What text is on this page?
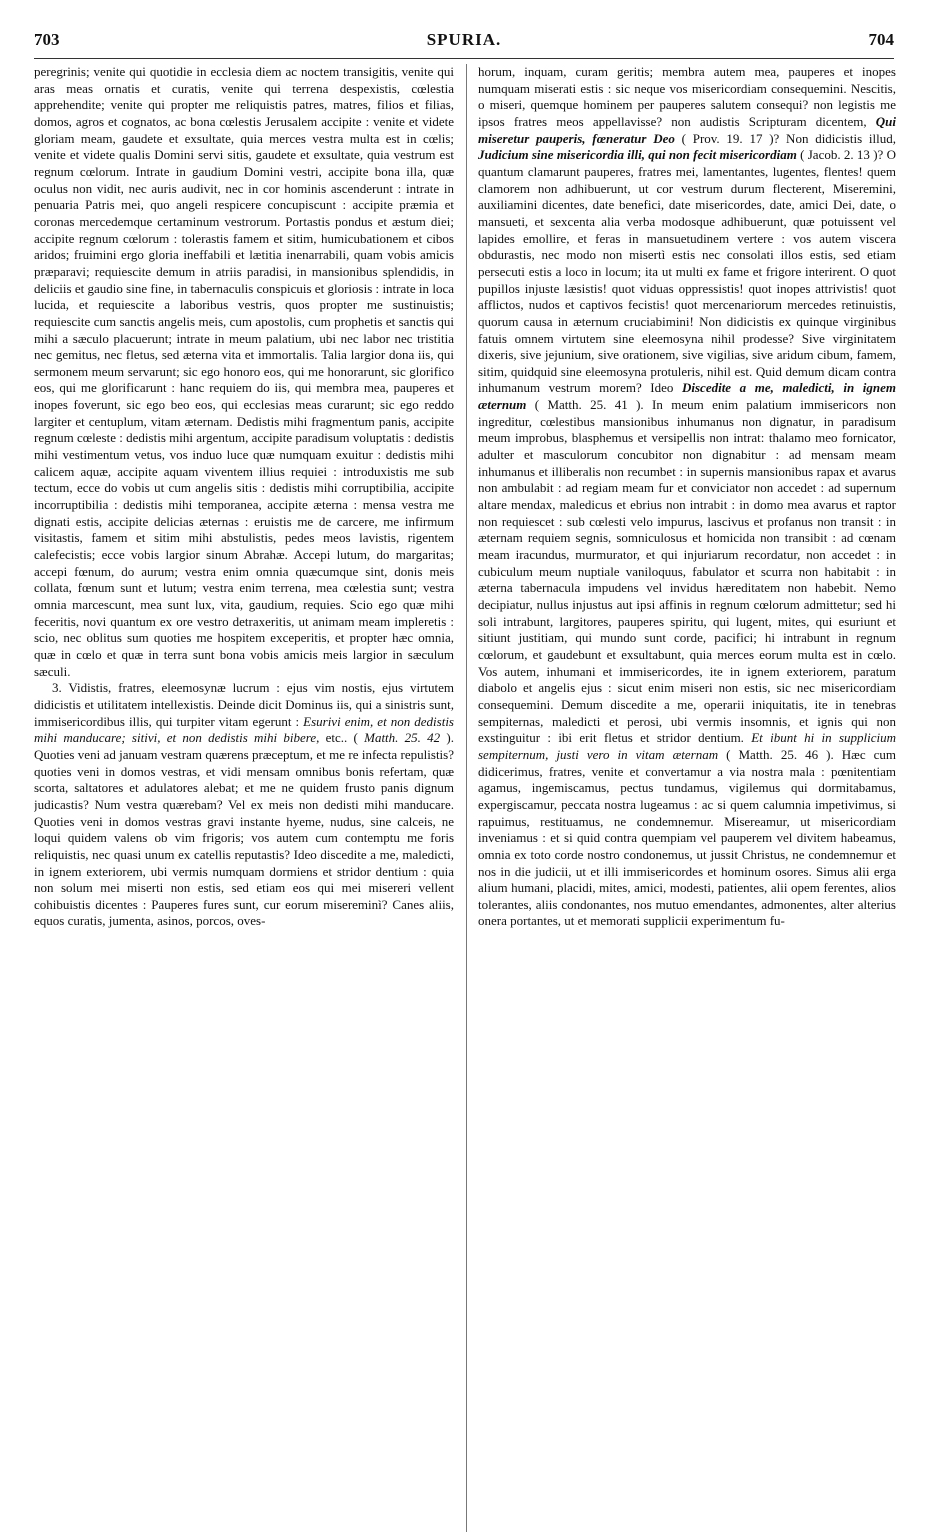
703	SPURIA.	704

peregrinis; venite qui quotidie in ecclesia diem ac noctem transigitis, venite qui aras meas ornatis et curatis, venite qui terrena despexistis, cœlestia apprehendite; venite qui propter me reliquistis patres, matres, filios et filias, domos, agros et cognatos, ac bona cœlestis Jerusalem accipite : venite et videte gloriam meam, gaudete et exsultate, quia merces vestra multa est in cœlis; venite et videte qualis Domini servi sitis, gaudete et exsultate, quia vestrum est regnum cœlorum. Intrate in gaudium Domini vestri, accipite bona illa, quæ oculus non vidit, nec auris audivit, nec in cor hominis ascenderunt : intrate in penuaria Patris mei, quo angeli respicere concupiscunt : accipite præmia et coronas mercedemque certaminum vestrorum. Portastis pondus et æstum diei; accipite regnum cœlorum : tolerastis famem et sitim, humicubationem et cibos aridos; fruimini ergo gloria ineffabili et lætitia inenarrabili, quam vobis amicis præparavi; requiescite demum in atriis paradisi, in mansionibus splendidis, in deliciis et gaudio sine fine, in tabernaculis conspicuis et gloriosis : intrate in loca lucida, et requiescite a laboribus vestris, quos propter me sustinuistis; requiescite cum sanctis angelis meis, cum apostolis, cum prophetis et sanctis qui mihi a sæculo placuerunt; intrate in meum palatium, ubi nec labor nec tristitia nec gemitus, nec fletus, sed æterna vita et immortalis. Talia largior dona iis, qui sermonem meum servarunt; sic ego honoro eos, qui me honorarunt, sic glorifico eos, qui me glorificarunt : hanc requiem do iis, qui membra mea, pauperes et inopes foverunt, sic ego beo eos, qui ecclesias meas curarunt; sic ego reddo largiter et centuplum, vitam æternam. Dedistis mihi fragmentum panis, accipite regnum cœleste : dedistis mihi argentum, accipite paradisum voluptatis : dedistis mihi vestimentum vetus, vos induo luce quæ numquam exuitur : dedistis mihi calicem aquæ, accipite aquam viventem illius requiei : introduxistis me sub tectum, ecce do vobis ut cum angelis sitis : dedistis mihi corruptibilia, accipite incorruptibilia : dedistis mihi temporanea, accipite æterna : mensa vestra me dignati estis, accipite delicias æternas : eruistis me de carcere, me infirmum visitastis, famem et sitim mihi abstulistis, pedes meos lavistis, rigentem calefecistis; ecce vobis largior sinum Abrahæ. Accepi lutum, do margaritas; accepi fœnum, do aurum; vestra enim omnia quæcumque sint, donis meis collata, fœnum sunt et lutum; vestra enim terrena, mea cœlestia sunt; vestra omnia marcescunt, mea sunt lux, vita, gaudium, requies. Scio ego quæ mihi feceritis, novi quantum ex ore vestro detraxeritis, ut animam meam impleretis : scio, nec oblitus sum quoties me hospitem exceperitis, et propter hæc omnia, quæ in cœlo et quæ in terra sunt bona vobis amicis meis largior in sæculum sæculi.

3. Vidistis, fratres, eleemosynæ lucrum : ejus vim nostis, ejus virtutem didicistis et utilitatem intellexistis. Deinde dicit Dominus iis, qui a sinistris sunt, immisericordibus illis, qui turpiter vitam egerunt : Esurivi enim, et non dedistis mihi manducare; sitivi, et non dedistis mihi bibere, etc.. ( Matth. 25. 42 ). Quoties veni ad januam vestram quærens præceptum, et me re infecta repulistis? quoties veni in domos vestras, et vidi mensam omnibus bonis refertam, quæ scorta, saltatores et adulatores alebat; et me ne quidem frusto panis dignum judicastis? Num vestra quærebam? Vel ex meis non dedisti mihi manducare. Quoties veni in domos vestras gravi instante hyeme, nudus, sine calceis, ne loqui quidem valens ob vim frigoris; vos autem cum contemptu me foris reliquistis, nec quasi unum ex catellis reputastis? Ideo discedite a me, maledicti, in ignem exteriorem, ubi vermis numquam dormiens et stridor dentium : quia non solum mei miserti non estis, sed etiam eos qui mei misereri vellent cohibuistis dicentes : Pauperes fures sunt, cur eorum misereminì? Canes aliis, equos curatis, jumenta, asinos, porcos, oves-

horum, inquam, curam geritis; membra autem mea, pauperes et inopes numquam miserati estis : sic neque vos misericordiam consequemini. Nescitis, o miseri, quemque hominem per pauperes salutem consequi? non legistis me ipsos fratres meos appellavisse? non audistis Scripturam dicentem, Qui miseretur pauperis, fœneratur Deo ( Prov. 19. 17 )? Non didicistis illud, Judicium sine misericordia illi, qui non fecit misericordiam ( Jacob. 2. 13 )? O quantum clamarunt pauperes, fratres mei, lamentantes, lugentes, flentes! quem clamorem non adhibuerunt, ut cor vestrum durum flecterent, Miseremini, auxiliamini dicentes, date benefici, date misericordes, date, amici Dei, date, o mansueti, et sexcenta alia verba modosque adhibuerunt, quæ potuissent vel lapides emollire, et feras in mansuetudinem vertere : vos autem viscera obdurastis, nec modo non misertì estis nec consolati illos estis, sed etiam persecuti estis a loco in locum; ita ut multi ex fame et frigore interirent. O quot pupillos injuste læsistis! quot viduas oppressistis! quot inopes attrivistis! quot afflictos, nudos et captivos fecistis! quot mercenariorum mercedes retinuistis, quorum causa in æternum cruciabimini! Non didicistis ex quinque virginibus fatuis omnem virtutem sine eleemosyna nihil prodesse? Sive virginitatem dixeris, sive jejunium, sive orationem, sive vigilias, sive aridum cibum, famem, sitim, quidquid sine eleemosyna protuleris, nihil est. Quid demum dicam contra inhumanum vestrum morem? Ideo Discedite a me, maledicti, in ignem æternum ( Matth. 25. 41 ). In meum enim palatium immisericors non ingreditur, cœlestibus mansionibus inhumanus non dignatur, in paradisum meum improbus, blasphemus et versipellis non intrat: thalamo meo fornicator, adulter et masculorum concubitor non dignabitur : ad mensam meam inhumanus et illiberalis non recumbet : in supernis mansionibus rapax et avarus non ambulabit : ad regiam meam fur et conviciator non accedet : ad supernum altare mendax, maledicus et ebrius non intrabit : in domo mea avarus et raptor non requiescet : sub cœlesti velo impurus, lascivus et profanus non transit : in æternam requiem segnis, somniculosus et homicida non transibit : ad cœnam meam iracundus, murmurator, et qui injuriarum recordatur, non accedet : in cubiculum meum nuptiale vaniloquus, fabulator et scurra non habitabit : in æterna tabernacula impudens vel invidus hæreditatem non habebit. Nemo decipiatur, nullus injustus aut ipsi affinis in regnum cœlorum admittetur; sed hi soli intrabunt, largitores, pauperes spiritu, qui lugent, mites, qui esuriunt et sitiunt justitiam, qui mundo sunt corde, pacifici; hi intrabunt in regnum cœlorum, et gaudebunt et exsultabunt, quia merces eorum multa est in cœlo. Vos autem, inhumani et immisericordes, ite in ignem exteriorem, paratum diabolo et angelis ejus : sicut enim miseri non estis, sic nec misericordiam consequemini. Demum discedite a me, operarii iniquitatis, ite in tenebras sempiternas, maledicti et perosi, ubi vermis insomnis, et ignis qui non exstinguitur : ibi erit fletus et stridor dentium. Et ibunt hi in supplicium sempiternum, justi vero in vitam æternam ( Matth. 25. 46 ). Hæc cum didicerimus, fratres, venite et convertamur a via nostra mala : pœnitentiam agamus, ingemiscamus, pectus tundamus, vigilemus qui dormitabamus, expergiscamur, peccata nostra lugeamus : ac si quem calumnia impetivimus, si rapuimus, restituamus, ne condemnemur. Misereamur, ut misericordiam inveniamus : et si quid contra quempiam vel pauperem vel divitem habeamus, omnia ex toto corde nostro condonemus, ut jussit Christus, ne condemnemur et nos in die judicii, ut et illi immisericordes et hominum osores. Simus alii erga alium humani, placidi, mites, amici, modesti, patientes, alii opem ferentes, alios tolerantes, aliis condonantes, nos mutuo emendantes, admonentes, alter alterius onera portantes, ut et memorati supplicii experimentum fu-
